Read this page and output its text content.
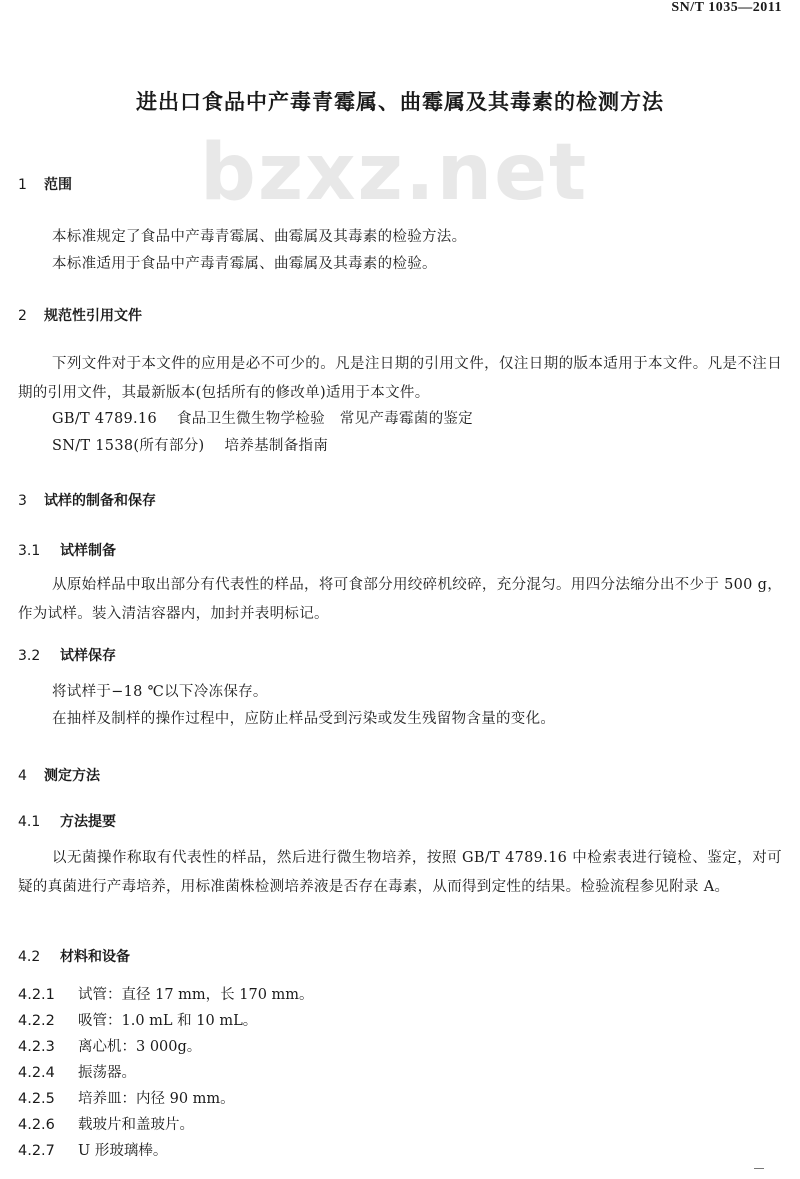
SN/T 1035—2011
进出口食品中产毒青霉属、曲霉属及其毒素的检测方法
bzxz.net
1 范围
本标准规定了食品中产毒青霉属、曲霉属及其毒素的检验方法。
本标准适用于食品中产毒青霉属、曲霉属及其毒素的检验。
2 规范性引用文件
下列文件对于本文件的应用是必不可少的。凡是注日期的引用文件，仅注日期的版本适用于本文件。凡是不注日期的引用文件，其最新版本(包括所有的修改单)适用于本文件。
GB/T 4789.16 食品卫生微生物学检验　常见产毒霉菌的鉴定
SN/T 1538(所有部分) 培养基制备指南
3 试样的制备和保存
3.1 试样制备
从原始样品中取出部分有代表性的样品，将可食部分用绞碎机绞碎，充分混匀。用四分法缩分出不少于 500 g，作为试样。装入清洁容器内，加封并表明标记。
3.2 试样保存
将试样于−18 ℃以下冷冻保存。
在抽样及制样的操作过程中，应防止样品受到污染或发生残留物含量的变化。
4 测定方法
4.1 方法提要
以无菌操作称取有代表性的样品，然后进行微生物培养，按照 GB/T 4789.16 中检索表进行镜检、鉴定，对可疑的真菌进行产毒培养，用标准菌株检测培养液是否存在毒素，从而得到定性的结果。检验流程参见附录 A。
4.2 材料和设备
4.2.1 试管：直径 17 mm，长 170 mm。
4.2.2 吸管：1.0 mL 和 10 mL。
4.2.3 离心机：3 000g。
4.2.4 振荡器。
4.2.5 培养皿：内径 90 mm。
4.2.6 载玻片和盖玻片。
4.2.7 U 形玻璃棒。
